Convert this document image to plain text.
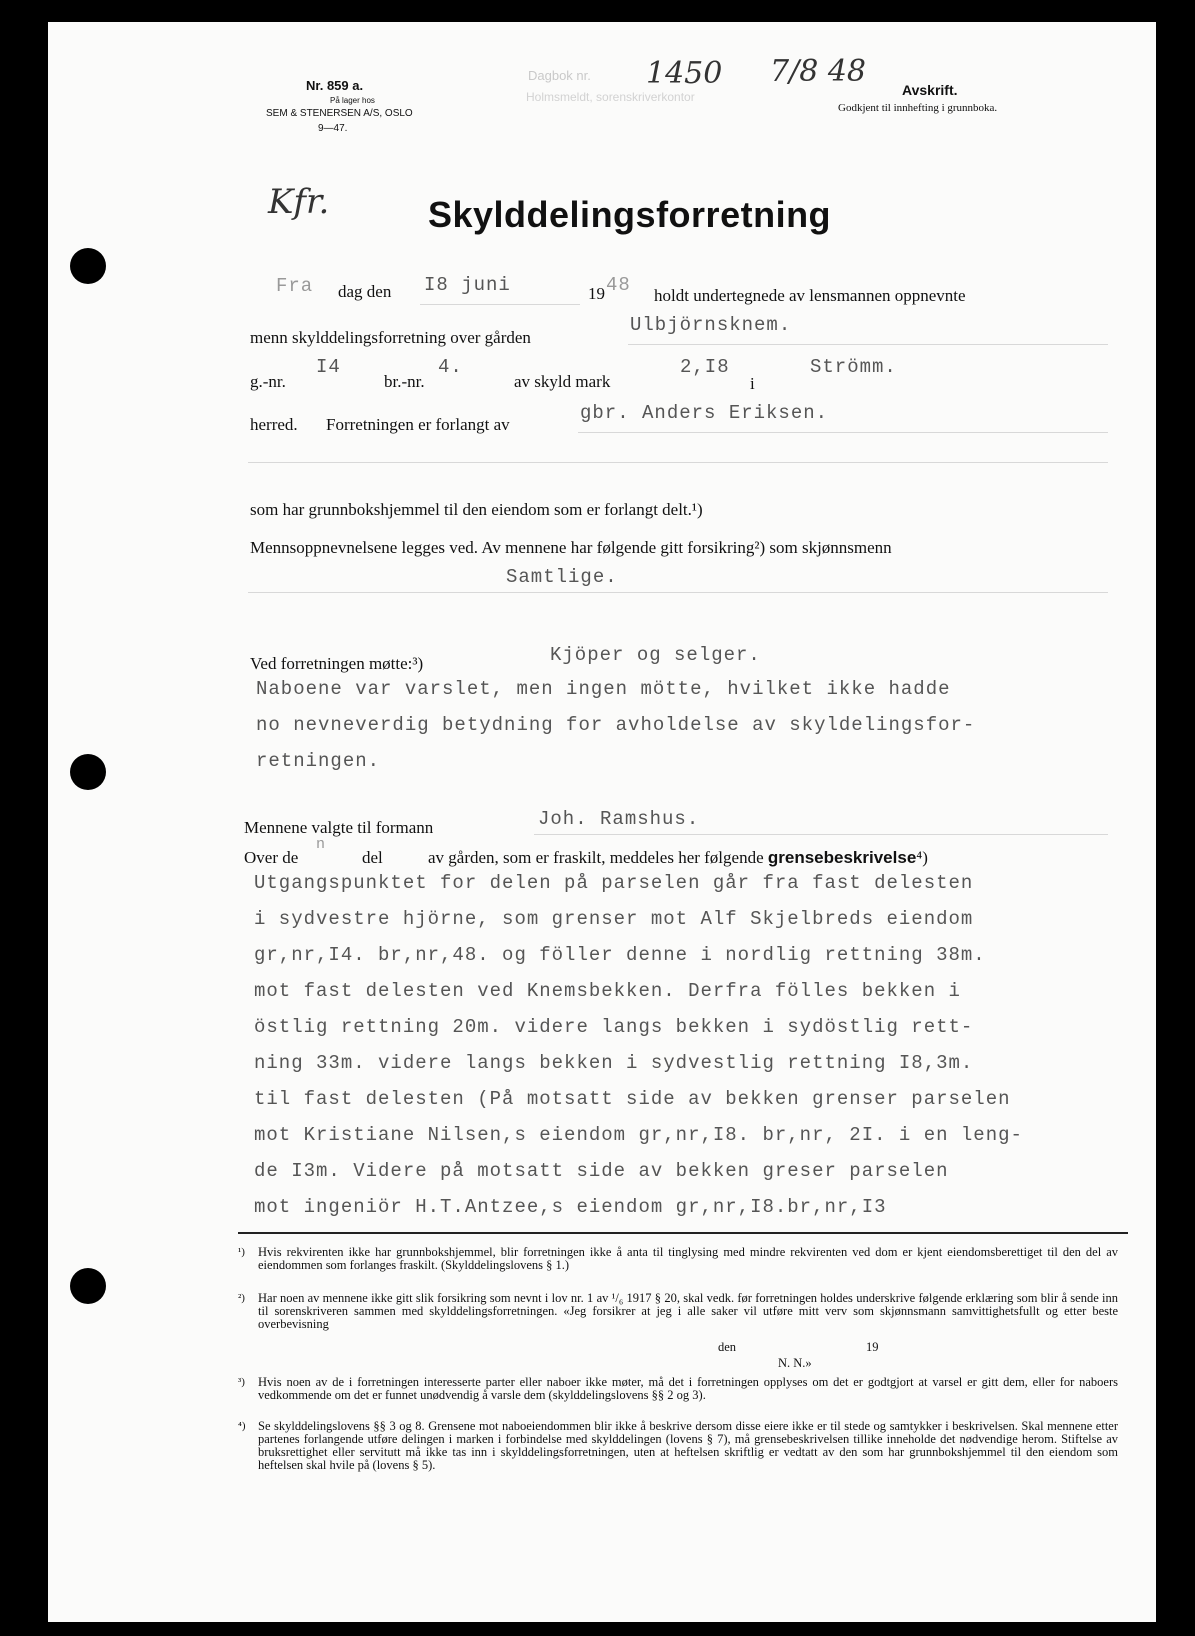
Nr. 859 a.
På lager hos
SEM & STENERSEN A/S, OSLO
9—47.
Dagbok nr. 1450 7/8 48
Holmsmeldt, sorenskriverkontor	Avskrift.
Godkjent til innhefting i grunnboka.
Kfr.	Skylddelingsforretning
Fra dag den I8 juni	19 48 holdt undertegnede av lensmannen oppnevnte
menn skylddelingsforretning over gården
Ulbjörnsknem.
g.-nr.
I4
br.-nr.
4.
av skyld mark
2,I8
i
Strömm.
herred. Forretningen er forlangt av
gbr. Anders Eriksen.
som har grunnbokshjemmel til den eiendom som er forlangt delt.¹)
Mennsoppnevnelsene legges ved. Av mennene har følgende gitt forsikring²) som skjønnsmenn
Samtlige.
Ved forretningen møtte:³)	Kjöper og selger.
Naboene var varslet, men ingen mötte, hvilket ikke hadde
no nevneverdig betydning for avholdelse av skyldelingsfor-
retningen.
Mennene valgte til formann	Joh. Ramshus.
Over de
n
del	av gården, som er fraskilt, meddeles her følgende grensebeskrivelse⁴)
Utgangspunktet for delen på parselen går fra fast delesten
i sydvestre hjörne, som grenser mot Alf Skjelbreds eiendom
gr,nr,I4. br,nr,48. og föller denne i nordlig rettning 38m.
mot fast delesten ved Knemsbekken. Derfra fölles bekken i
östlig rettning 20m. videre langs bekken i sydöstlig rett-
ning 33m. videre langs bekken i sydvestlig rettning I8,3m.
til fast delesten (På motsatt side av bekken grenser parselen
mot Kristiane Nilsen,s eiendom gr,nr,I8. br,nr, 2I. i en leng-
de I3m. Videre på motsatt side av bekken greser parselen
mot ingeniör H.T.Antzee,s eiendom gr,nr,I8.br,nr,I3
¹) Hvis rekvirenten ikke har grunnbokshjemmel, blir forretningen ikke å anta til tinglysing med mindre rekvirenten ved dom er kjent eiendomsberettiget til den del av eiendommen som forlanges fraskilt. (Skylddelingslovens § 1.)
²) Har noen av mennene ikke gitt slik forsikring som nevnt i lov nr. 1 av ¹/₆ 1917 § 20, skal vedk. før forretningen holdes underskrive følgende erklæring som blir å sende inn til sorenskriveren sammen med skylddelingsforretningen. «Jeg forsikrer at jeg i alle saker vil utføre mitt verv som skjønnsmann samvittighetsfullt og etter beste overbevisning
den	19
N. N.»
³) Hvis noen av de i forretningen interesserte parter eller naboer ikke møter, må det i forretningen opplyses om det er godtgjort at varsel er gitt dem, eller for naboers vedkommende om det er funnet unødvendig å varsle dem (skylddelingslovens §§ 2 og 3).
⁴) Se skylddelingslovens §§ 3 og 8. Grensene mot naboeiendommen blir ikke å beskrive dersom disse eiere ikke er til stede og samtykker i beskrivelsen. Skal mennene etter partenes forlangende utføre delingen i marken i forbindelse med skylddelingen (lovens § 7), må grensebeskrivelsen tillike inneholde det nødvendige herom. Stiftelse av bruksrettighet eller servitutt må ikke tas inn i skylddelingsforretningen, uten at heftelsen skriftlig er vedtatt av den som har grunnbokshjemmel til den eiendom som heftelsen skal hvile på (lovens § 5).
